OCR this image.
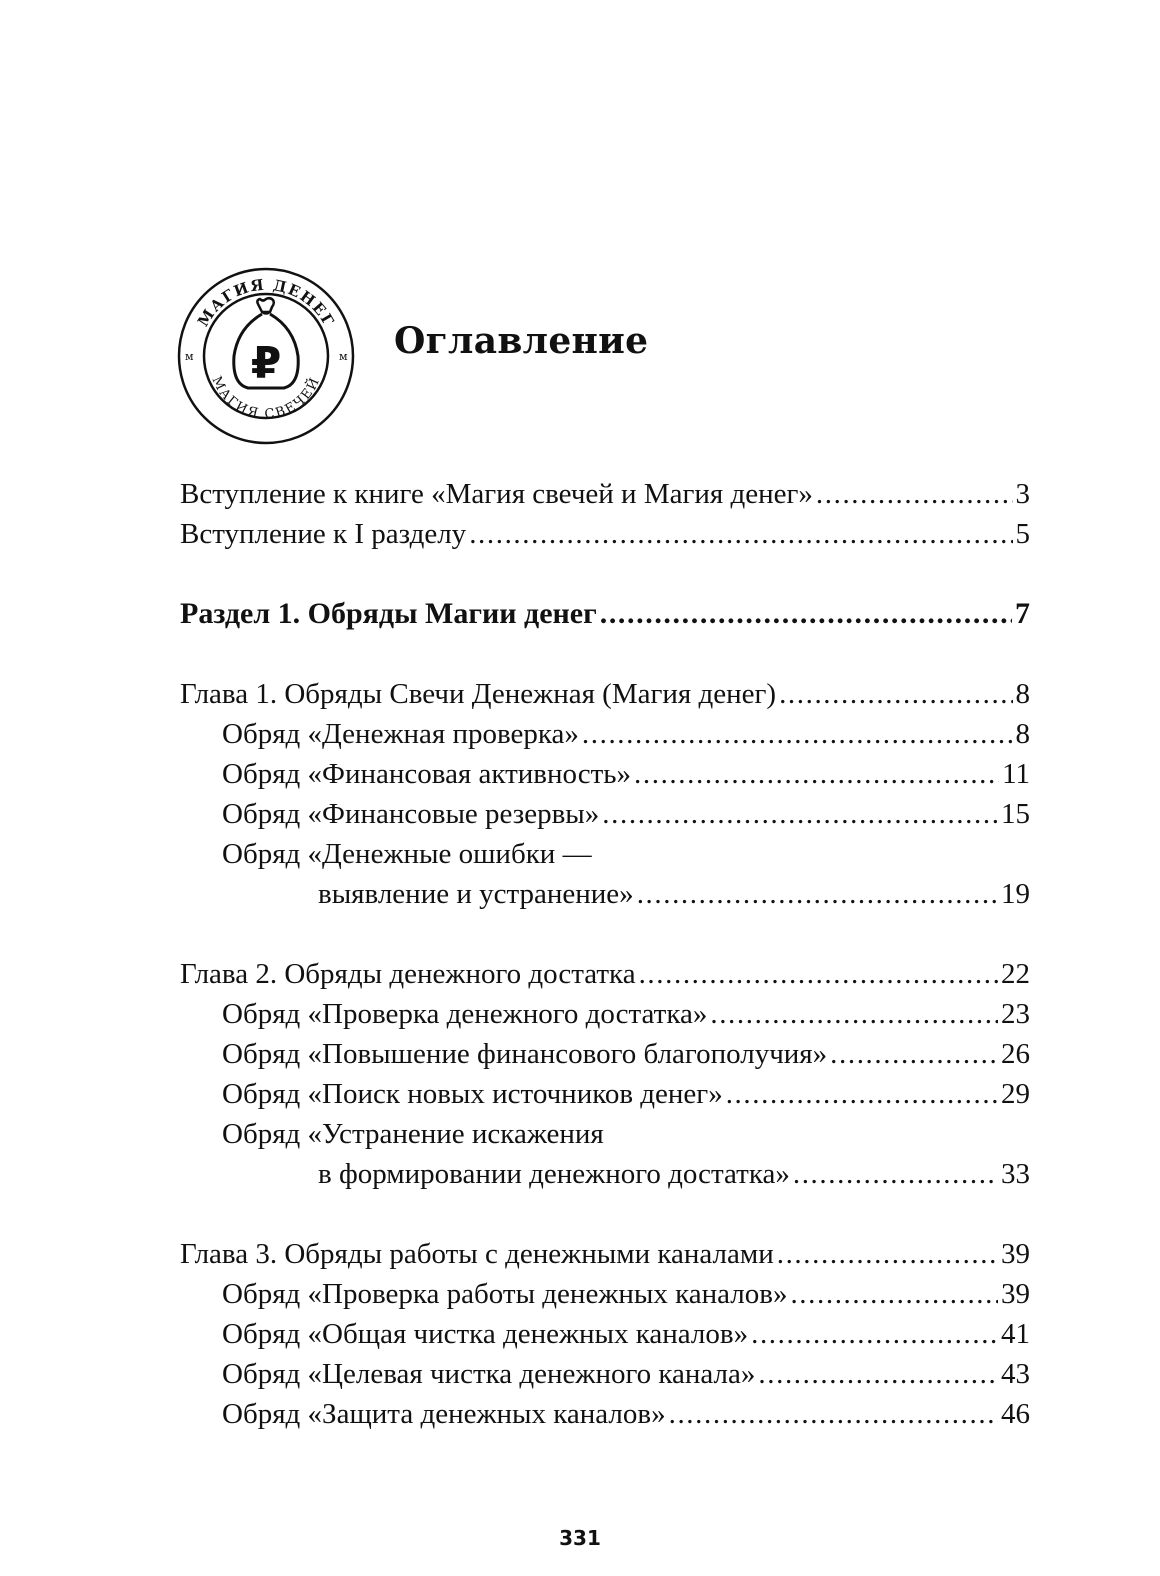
МАГИЯ ДЕНЕГ
МАГИЯ СВЕЧЕЙ
м	м
₽	Оглавление
Вступление к книге «Магия свечей и Магия денег» .....	3
Вступление к I разделу .....	5
Раздел 1. Обряды Магии денег .....	7
Глава 1. Обряды Свечи Денежная (Магия денег) .....	8
Обряд «Денежная проверка» .....	8
Обряд «Финансовая активность» .....	11
Обряд «Финансовые резервы» .....	15
Обряд «Денежные ошибки —
выявление и устранение» .....	19
Глава 2. Обряды денежного достатка .....	22
Обряд «Проверка денежного достатка» .....	23
Обряд «Повышение финансового благополучия» .....	26
Обряд «Поиск новых источников денег» .....	29
Обряд «Устранение искажения
в формировании денежного достатка» .....	33
Глава 3. Обряды работы с денежными каналами .....	39
Обряд «Проверка работы денежных каналов» .....	39
Обряд «Общая чистка денежных каналов» .....	41
Обряд «Целевая чистка денежного канала» .....	43
Обряд «Защита денежных каналов» .....	46
331
